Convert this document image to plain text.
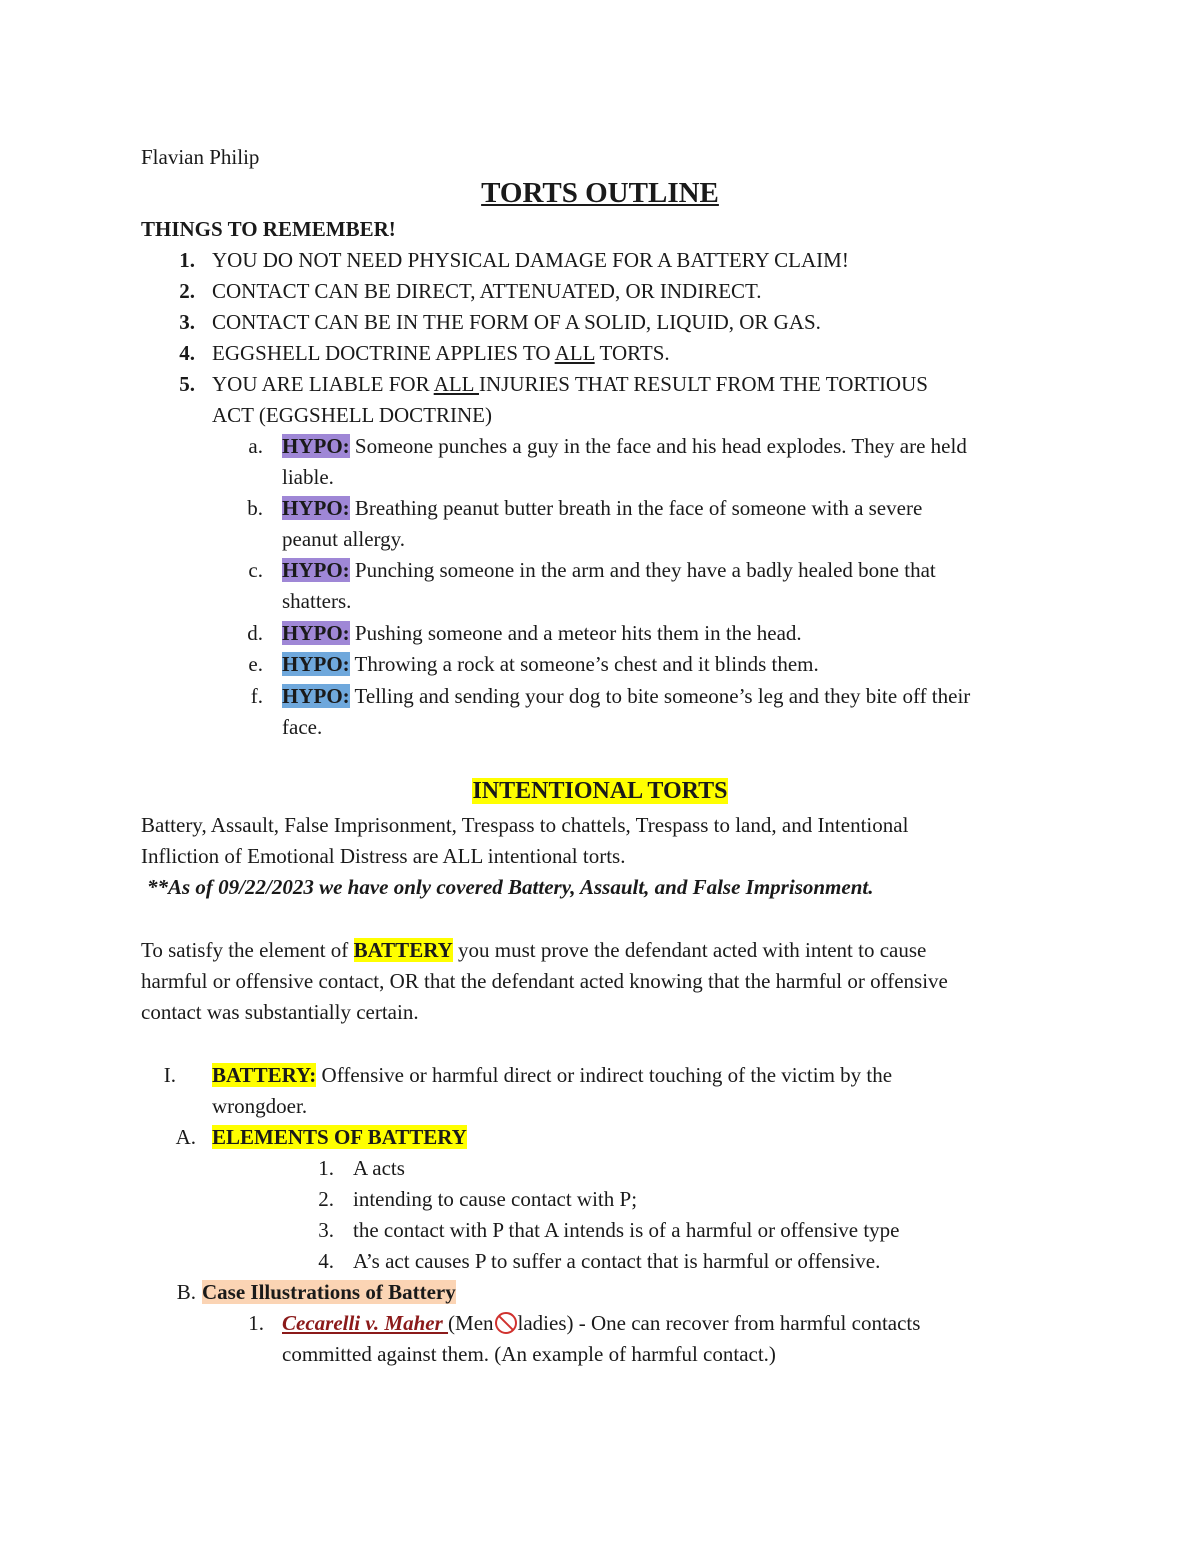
Flavian Philip
TORTS OUTLINE
THINGS TO REMEMBER!
1. YOU DO NOT NEED PHYSICAL DAMAGE FOR A BATTERY CLAIM!
2. CONTACT CAN BE DIRECT, ATTENUATED, OR INDIRECT.
3. CONTACT CAN BE IN THE FORM OF A SOLID, LIQUID, OR GAS.
4. EGGSHELL DOCTRINE APPLIES TO ALL TORTS.
5. YOU ARE LIABLE FOR ALL INJURIES THAT RESULT FROM THE TORTIOUS
ACT (EGGSHELL DOCTRINE)
a. HYPO: Someone punches a guy in the face and his head explodes. They are held
liable.
b. HYPO: Breathing peanut butter breath in the face of someone with a severe
peanut allergy.
c. HYPO: Punching someone in the arm and they have a badly healed bone that
shatters.
d. HYPO: Pushing someone and a meteor hits them in the head.
e. HYPO: Throwing a rock at someone’s chest and it blinds them.
f. HYPO: Telling and sending your dog to bite someone’s leg and they bite off their
face.
INTENTIONAL TORTS
Battery, Assault, False Imprisonment, Trespass to chattels, Trespass to land, and Intentional
Infliction of Emotional Distress are ALL intentional torts.
**As of 09/22/2023 we have only covered Battery, Assault, and False Imprisonment.
To satisfy the element of BATTERY you must prove the defendant acted with intent to cause
harmful or offensive contact, OR that the defendant acted knowing that the harmful or offensive
contact was substantially certain.
I. BATTERY: Offensive or harmful direct or indirect touching of the victim by the
wrongdoer.
A. ELEMENTS OF BATTERY
1. A acts
2. intending to cause contact with P;
3. the contact with P that A intends is of a harmful or offensive type
4. A’s act causes P to suffer a contact that is harmful or offensive.
B. Case Illustrations of Battery
1. Cecarelli v. Maher (Men ladies) - One can recover from harmful contacts
committed against them. (An example of harmful contact.)
